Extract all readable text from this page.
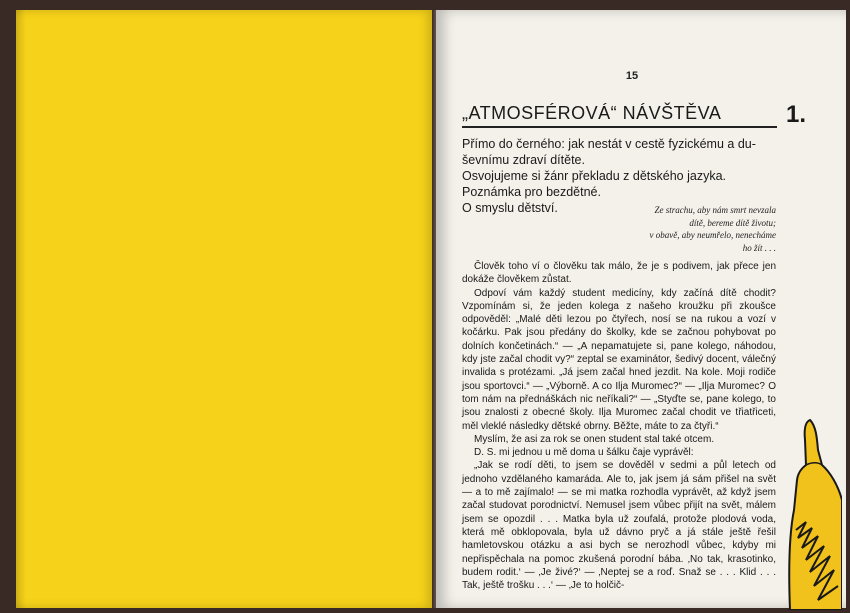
15
„ATMOSFÉROVÁ“ NÁVŠTĚVA	1.
Přímo do černého: jak nestát v cestě fyzickému a du-
ševnímu zdraví dítěte.
Osvojujeme si žánr překladu z dětského jazyka.
Poznámka pro bezdětné.
O smyslu dětství.	Ze strachu, aby nám smrt nevzala
dítě, bereme dítě životu;
v obavě, aby neumřelo, nenecháme
ho žít . . .

Člověk toho ví o člověku tak málo, že je s podivem, jak přece jen dokáže člověkem zůstat.

Odpoví vám každý student medicíny, kdy začíná dítě chodit? Vzpomínám si, že jeden kolega z našeho kroužku při zkoušce odpověděl: „Malé děti lezou po čtyřech, nosí se na rukou a vozí v kočárku. Pak jsou předány do školky, kde se začnou pohybovat po dolních končetinách.“ — „A nepamatujete si, pane kolego, náhodou, kdy jste začal chodit vy?“ zeptal se examinátor, šedivý docent, válečný invalida s protézami. „Já jsem začal hned jezdit. Na kole. Moji rodiče jsou sportovci.“ — „Výborně. A co Ilja Muromec?“ — „Ilja Muromec? O tom nám na přednáškách nic neříkali?“ — „Styďte se, pane kolego, to jsou znalosti z obecné školy. Ilja Muromec začal chodit ve třiatřiceti, měl vleklé následky dětské obrny. Běžte, máte to za čtyři.“

Myslím, že asi za rok se onen student stal také otcem.

D. S. mi jednou u mě doma u šálku čaje vyprávěl:

„Jak se rodí děti, to jsem se dověděl v sedmi a půl letech od jednoho vzdělaného kamaráda. Ale to, jak jsem já sám přišel na svět — a to mě zajímalo! — se mi matka rozhodla vyprávět, až když jsem začal studovat porodnictví. Nemusel jsem vůbec přijít na svět, málem jsem se opozdil . . . Matka byla už zoufalá, protože plodová voda, která mě obklopovala, byla už dávno pryč a já stále ještě řešil hamletovskou otázku a asi bych se nerozhodl vůbec, kdyby mi nepřispěchala na pomoc zkušená porodní bába. ‚No tak, krasotinko, budem rodit.‘ — ‚Je živé?‘ — ‚Neptej se a roď. Snaž se . . . Klid . . . Tak, ještě trošku . . .‘ — ‚Je to holčič-
